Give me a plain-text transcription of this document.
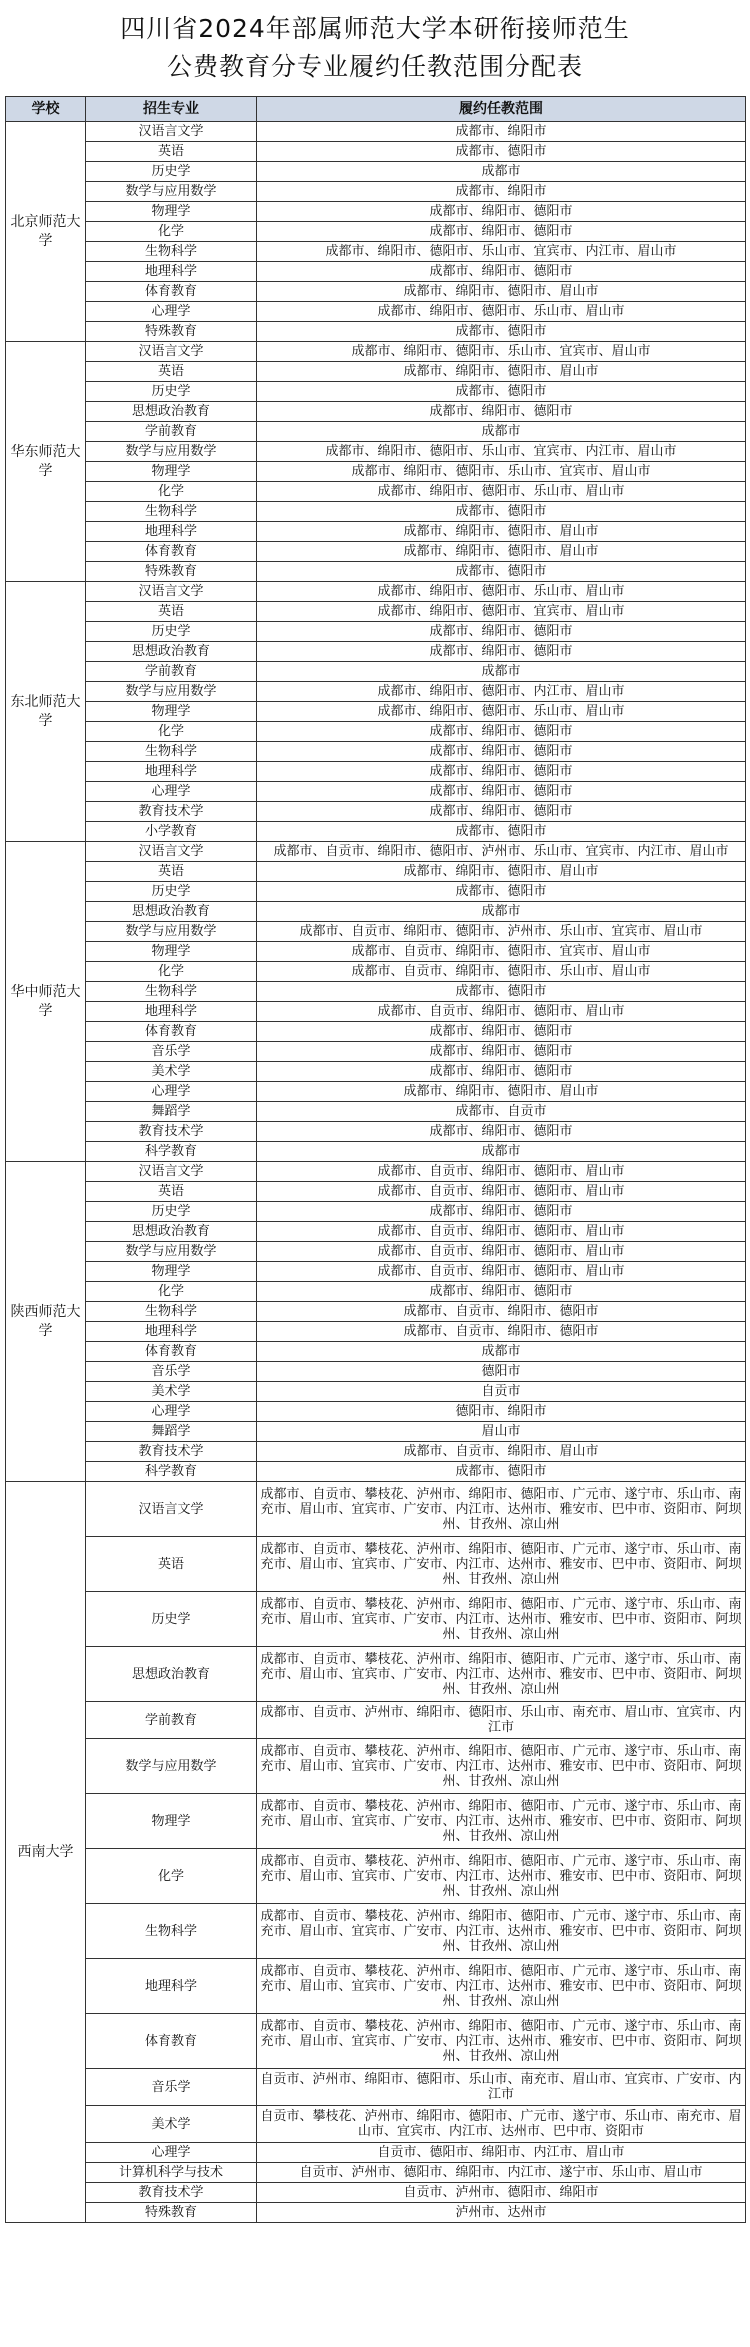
四川省2024年部属师范大学本研衔接师范生
公费教育分专业履约任教范围分配表
学校	招生专业	履约任教范围
北京师范大学	汉语言文学	成都市、绵阳市
	英语	成都市、德阳市
	历史学	成都市
	数学与应用数学	成都市、绵阳市
	物理学	成都市、绵阳市、德阳市
	化学	成都市、绵阳市、德阳市
	生物科学	成都市、绵阳市、德阳市、乐山市、宜宾市、内江市、眉山市
	地理科学	成都市、绵阳市、德阳市
	体育教育	成都市、绵阳市、德阳市、眉山市
	心理学	成都市、绵阳市、德阳市、乐山市、眉山市
	特殊教育	成都市、德阳市
华东师范大学	汉语言文学	成都市、绵阳市、德阳市、乐山市、宜宾市、眉山市
	英语	成都市、绵阳市、德阳市、眉山市
	历史学	成都市、德阳市
	思想政治教育	成都市、绵阳市、德阳市
	学前教育	成都市
	数学与应用数学	成都市、绵阳市、德阳市、乐山市、宜宾市、内江市、眉山市
	物理学	成都市、绵阳市、德阳市、乐山市、宜宾市、眉山市
	化学	成都市、绵阳市、德阳市、乐山市、眉山市
	生物科学	成都市、德阳市
	地理科学	成都市、绵阳市、德阳市、眉山市
	体育教育	成都市、绵阳市、德阳市、眉山市
	特殊教育	成都市、德阳市
东北师范大学	汉语言文学	成都市、绵阳市、德阳市、乐山市、眉山市
	英语	成都市、绵阳市、德阳市、宜宾市、眉山市
	历史学	成都市、绵阳市、德阳市
	思想政治教育	成都市、绵阳市、德阳市
	学前教育	成都市
	数学与应用数学	成都市、绵阳市、德阳市、内江市、眉山市
	物理学	成都市、绵阳市、德阳市、乐山市、眉山市
	化学	成都市、绵阳市、德阳市
	生物科学	成都市、绵阳市、德阳市
	地理科学	成都市、绵阳市、德阳市
	心理学	成都市、绵阳市、德阳市
	教育技术学	成都市、绵阳市、德阳市
	小学教育	成都市、德阳市
华中师范大学	汉语言文学	成都市、自贡市、绵阳市、德阳市、泸州市、乐山市、宜宾市、内江市、眉山市
	英语	成都市、绵阳市、德阳市、眉山市
	历史学	成都市、德阳市
	思想政治教育	成都市
	数学与应用数学	成都市、自贡市、绵阳市、德阳市、泸州市、乐山市、宜宾市、眉山市
	物理学	成都市、自贡市、绵阳市、德阳市、宜宾市、眉山市
	化学	成都市、自贡市、绵阳市、德阳市、乐山市、眉山市
	生物科学	成都市、德阳市
	地理科学	成都市、自贡市、绵阳市、德阳市、眉山市
	体育教育	成都市、绵阳市、德阳市
	音乐学	成都市、绵阳市、德阳市
	美术学	成都市、绵阳市、德阳市
	心理学	成都市、绵阳市、德阳市、眉山市
	舞蹈学	成都市、自贡市
	教育技术学	成都市、绵阳市、德阳市
	科学教育	成都市
陕西师范大学	汉语言文学	成都市、自贡市、绵阳市、德阳市、眉山市
	英语	成都市、自贡市、绵阳市、德阳市、眉山市
	历史学	成都市、绵阳市、德阳市
	思想政治教育	成都市、自贡市、绵阳市、德阳市、眉山市
	数学与应用数学	成都市、自贡市、绵阳市、德阳市、眉山市
	物理学	成都市、自贡市、绵阳市、德阳市、眉山市
	化学	成都市、绵阳市、德阳市
	生物科学	成都市、自贡市、绵阳市、德阳市
	地理科学	成都市、自贡市、绵阳市、德阳市
	体育教育	成都市
	音乐学	德阳市
	美术学	自贡市
	心理学	德阳市、绵阳市
	舞蹈学	眉山市
	教育技术学	成都市、自贡市、绵阳市、眉山市
	科学教育	成都市、德阳市
西南大学	汉语言文学	成都市、自贡市、攀枝花、泸州市、绵阳市、德阳市、广元市、遂宁市、乐山市、南充市、眉山市、宜宾市、广安市、内江市、达州市、雅安市、巴中市、资阳市、阿坝州、甘孜州、凉山州
	英语	成都市、自贡市、攀枝花、泸州市、绵阳市、德阳市、广元市、遂宁市、乐山市、南充市、眉山市、宜宾市、广安市、内江市、达州市、雅安市、巴中市、资阳市、阿坝州、甘孜州、凉山州
	历史学	成都市、自贡市、攀枝花、泸州市、绵阳市、德阳市、广元市、遂宁市、乐山市、南充市、眉山市、宜宾市、广安市、内江市、达州市、雅安市、巴中市、资阳市、阿坝州、甘孜州、凉山州
	思想政治教育	成都市、自贡市、攀枝花、泸州市、绵阳市、德阳市、广元市、遂宁市、乐山市、南充市、眉山市、宜宾市、广安市、内江市、达州市、雅安市、巴中市、资阳市、阿坝州、甘孜州、凉山州
	学前教育	成都市、自贡市、泸州市、绵阳市、德阳市、乐山市、南充市、眉山市、宜宾市、内江市
	数学与应用数学	成都市、自贡市、攀枝花、泸州市、绵阳市、德阳市、广元市、遂宁市、乐山市、南充市、眉山市、宜宾市、广安市、内江市、达州市、雅安市、巴中市、资阳市、阿坝州、甘孜州、凉山州
	物理学	成都市、自贡市、攀枝花、泸州市、绵阳市、德阳市、广元市、遂宁市、乐山市、南充市、眉山市、宜宾市、广安市、内江市、达州市、雅安市、巴中市、资阳市、阿坝州、甘孜州、凉山州
	化学	成都市、自贡市、攀枝花、泸州市、绵阳市、德阳市、广元市、遂宁市、乐山市、南充市、眉山市、宜宾市、广安市、内江市、达州市、雅安市、巴中市、资阳市、阿坝州、甘孜州、凉山州
	生物科学	成都市、自贡市、攀枝花、泸州市、绵阳市、德阳市、广元市、遂宁市、乐山市、南充市、眉山市、宜宾市、广安市、内江市、达州市、雅安市、巴中市、资阳市、阿坝州、甘孜州、凉山州
	地理科学	成都市、自贡市、攀枝花、泸州市、绵阳市、德阳市、广元市、遂宁市、乐山市、南充市、眉山市、宜宾市、广安市、内江市、达州市、雅安市、巴中市、资阳市、阿坝州、甘孜州、凉山州
	体育教育	成都市、自贡市、攀枝花、泸州市、绵阳市、德阳市、广元市、遂宁市、乐山市、南充市、眉山市、宜宾市、广安市、内江市、达州市、雅安市、巴中市、资阳市、阿坝州、甘孜州、凉山州
	音乐学	自贡市、泸州市、绵阳市、德阳市、乐山市、南充市、眉山市、宜宾市、广安市、内江市
	美术学	自贡市、攀枝花、泸州市、绵阳市、德阳市、广元市、遂宁市、乐山市、南充市、眉山市、宜宾市、内江市、达州市、巴中市、资阳市
	心理学	自贡市、德阳市、绵阳市、内江市、眉山市
	计算机科学与技术	自贡市、泸州市、德阳市、绵阳市、内江市、遂宁市、乐山市、眉山市
	教育技术学	自贡市、泸州市、德阳市、绵阳市
	特殊教育	泸州市、达州市
